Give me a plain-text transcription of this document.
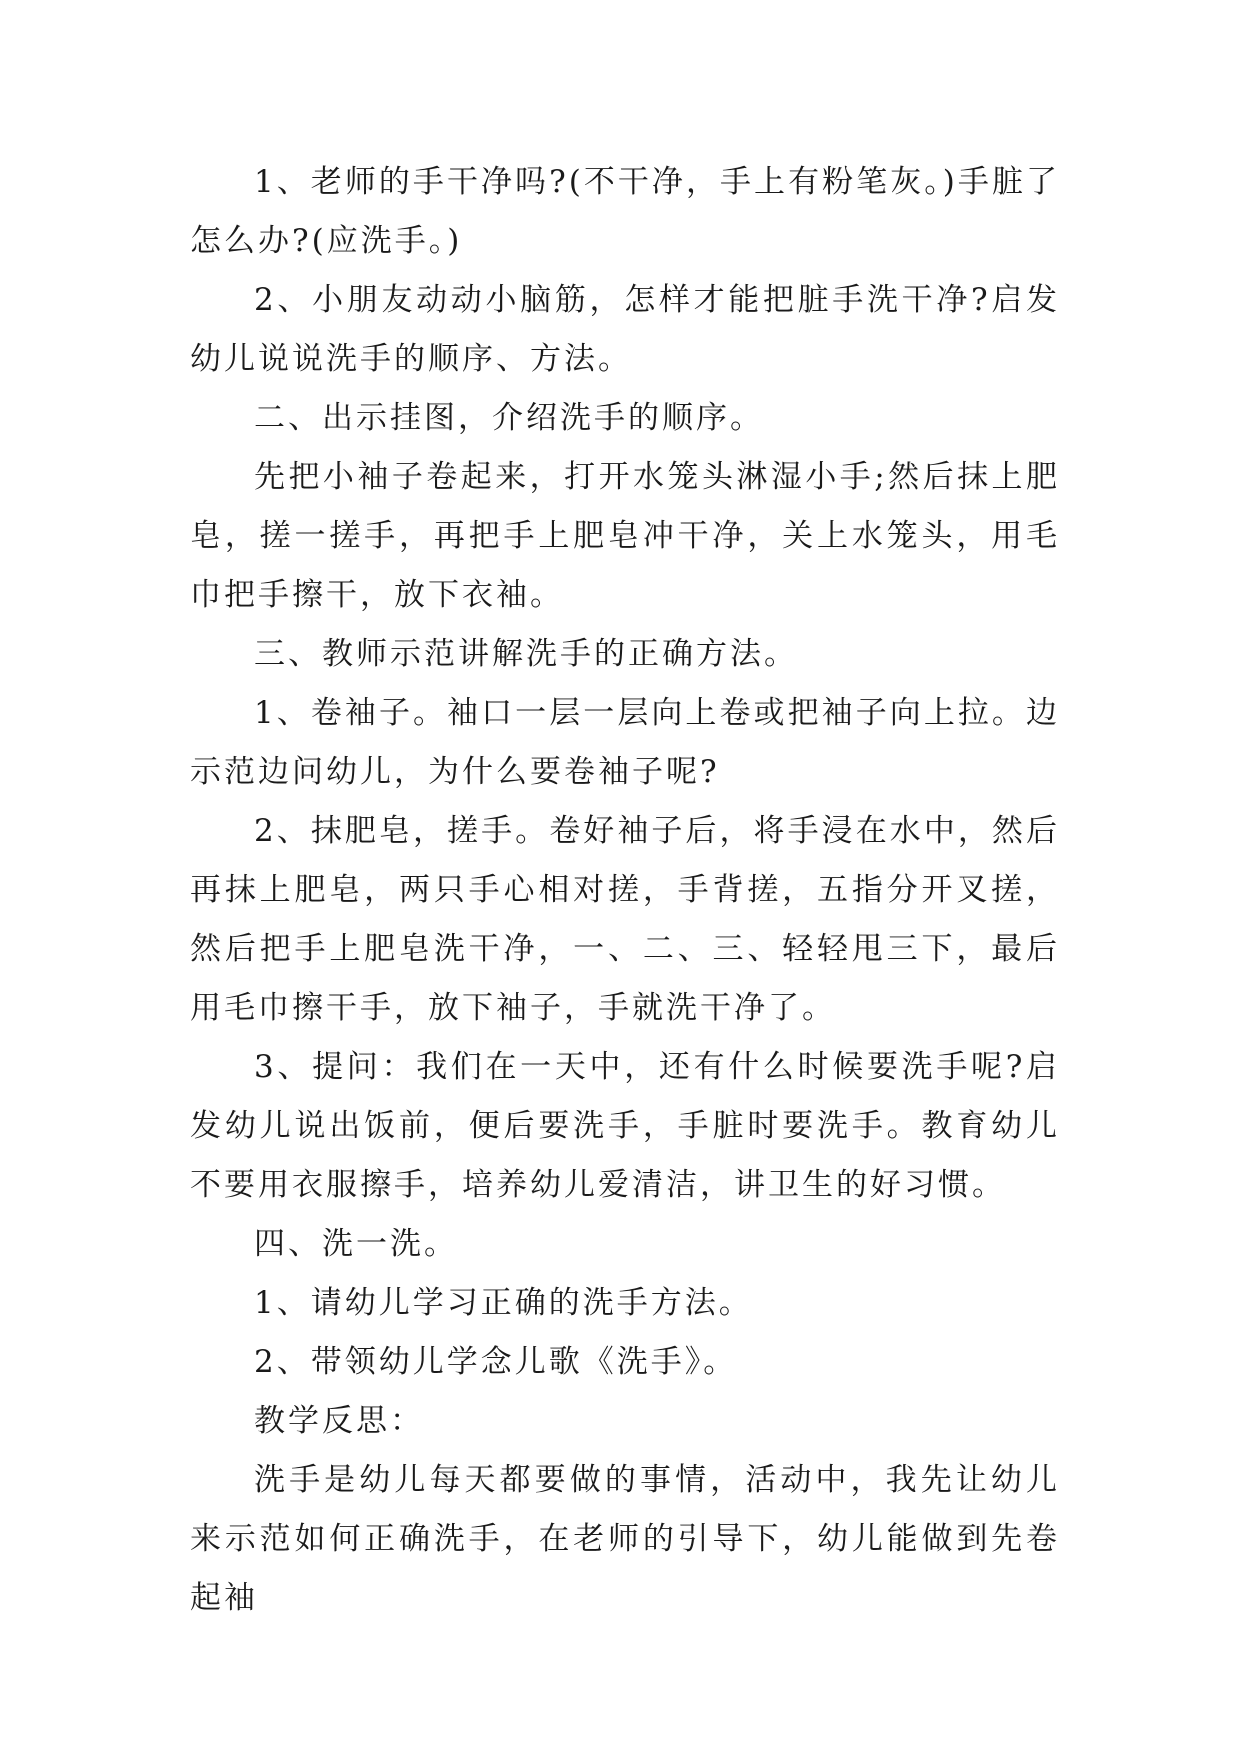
1、老师的手干净吗?(不干净，手上有粉笔灰。)手脏了怎么办?(应洗手。)

2、小朋友动动小脑筋，怎样才能把脏手洗干净?启发幼儿说说洗手的顺序、方法。

二、出示挂图，介绍洗手的顺序。

先把小袖子卷起来，打开水笼头淋湿小手;然后抹上肥皂，搓一搓手，再把手上肥皂冲干净，关上水笼头，用毛巾把手擦干，放下衣袖。

三、教师示范讲解洗手的正确方法。

1、卷袖子。袖口一层一层向上卷或把袖子向上拉。边示范边问幼儿，为什么要卷袖子呢?

2、抹肥皂，搓手。卷好袖子后，将手浸在水中，然后再抹上肥皂，两只手心相对搓，手背搓，五指分开叉搓，然后把手上肥皂洗干净，一、二、三、轻轻甩三下，最后用毛巾擦干手，放下袖子，手就洗干净了。

3、提问：我们在一天中，还有什么时候要洗手呢?启发幼儿说出饭前，便后要洗手，手脏时要洗手。教育幼儿不要用衣服擦手，培养幼儿爱清洁，讲卫生的好习惯。

四、洗一洗。

1、请幼儿学习正确的洗手方法。

2、带领幼儿学念儿歌《洗手》。

教学反思：

洗手是幼儿每天都要做的事情，活动中，我先让幼儿来示范如何正确洗手，在老师的引导下，幼儿能做到先卷起袖
